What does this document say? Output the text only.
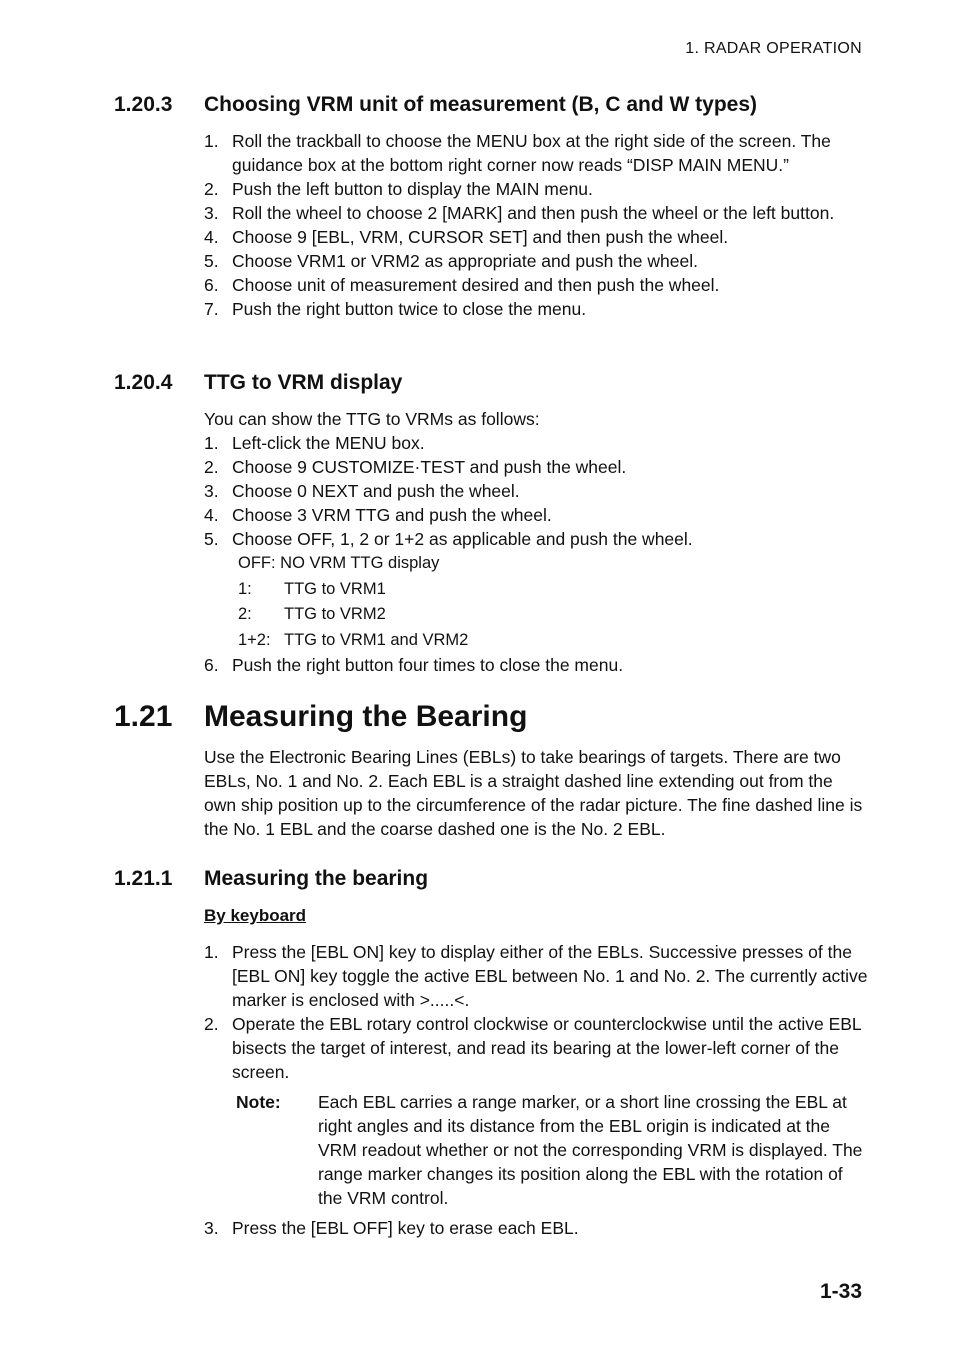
1. RADAR OPERATION
1.20.3 Choosing VRM unit of measurement (B, C and W types)
1. Roll the trackball to choose the MENU box at the right side of the screen. The guidance box at the bottom right corner now reads “DISP MAIN MENU.”
2. Push the left button to display the MAIN menu.
3. Roll the wheel to choose 2 [MARK] and then push the wheel or the left button.
4. Choose 9 [EBL, VRM, CURSOR SET] and then push the wheel.
5. Choose VRM1 or VRM2 as appropriate and push the wheel.
6. Choose unit of measurement desired and then push the wheel.
7. Push the right button twice to close the menu.
1.20.4 TTG to VRM display

You can show the TTG to VRMs as follows:

1. Left-click the MENU box.
2. Choose 9 CUSTOMIZE·TEST and push the wheel.
3. Choose 0 NEXT and push the wheel.
4. Choose 3 VRM TTG and push the wheel.
5. Choose OFF, 1, 2 or 1+2 as applicable and push the wheel.
OFF: NO VRM TTG display
1:	TTG to VRM1
2:	TTG to VRM2
1+2: TTG to VRM1 and VRM2
6. Push the right button four times to close the menu.
1.21 Measuring the Bearing

Use the Electronic Bearing Lines (EBLs) to take bearings of targets. There are two EBLs, No. 1 and No. 2. Each EBL is a straight dashed line extending out from the own ship position up to the circumference of the radar picture. The fine dashed line is the No. 1 EBL and the coarse dashed one is the No. 2 EBL.

1.21.1 Measuring the bearing

By keyboard

1. Press the [EBL ON] key to display either of the EBLs. Successive presses of the [EBL ON] key toggle the active EBL between No. 1 and No. 2. The currently active marker is enclosed with >.....<.
2. Operate the EBL rotary control clockwise or counterclockwise until the active EBL bisects the target of interest, and read its bearing at the lower-left corner of the screen.
Note: Each EBL carries a range marker, or a short line crossing the EBL at right angles and its distance from the EBL origin is indicated at the VRM readout whether or not the corresponding VRM is displayed. The range marker changes its position along the EBL with the rotation of the VRM control.
3. Press the [EBL OFF] key to erase each EBL.
1-33
